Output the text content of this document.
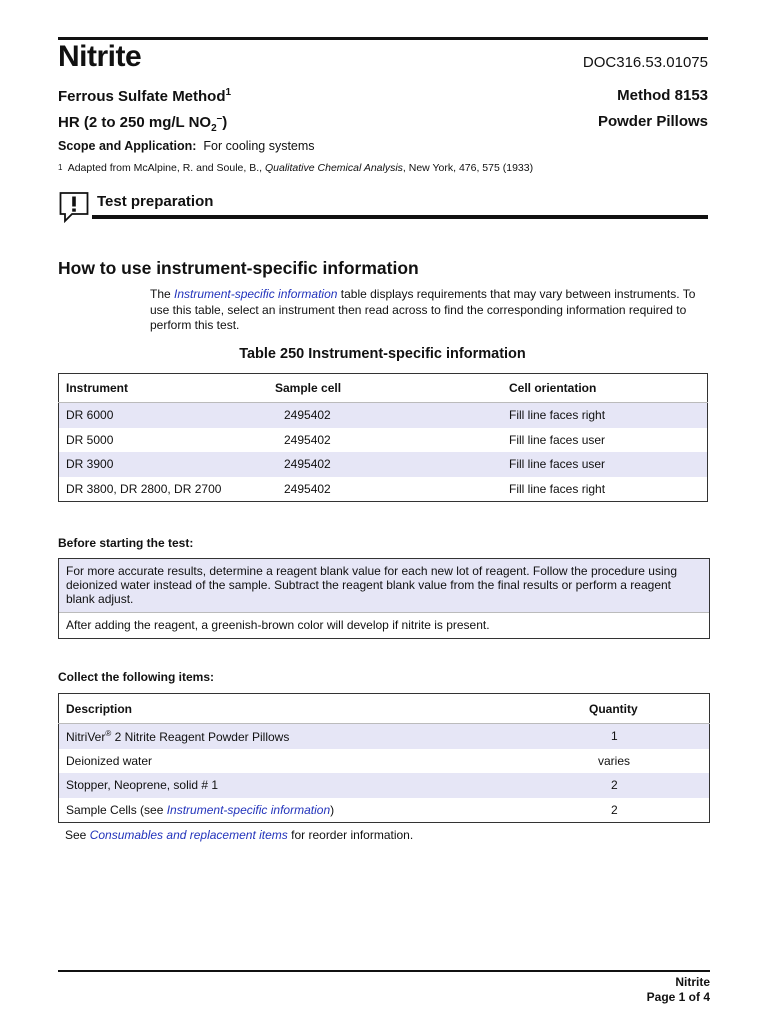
Nitrite	DOC316.53.01075
Ferrous Sulfate Method$^1$	Method 8153
HR (2 to 250 mg/L $NO_2^-$)	Powder Pillows
Scope and Application: For cooling systems
1 Adapted from McAlpine, R. and Soule, B., Qualitative Chemical Analysis, New York, 476, 575 (1933)
Test preparation
How to use instrument-specific information
The Instrument-specific information table displays requirements that may vary between instruments. To use this table, select an instrument then read across to find the corresponding information required to perform this test.
Table 250 Instrument-specific information
Instrument	Sample cell	Cell orientation
DR 6000	2495402	Fill line faces right
DR 5000	2495402	Fill line faces user
DR 3900	2495402	Fill line faces user
DR 3800, DR 2800, DR 2700	2495402	Fill line faces right
Before starting the test:
For more accurate results, determine a reagent blank value for each new lot of reagent. Follow the procedure using deionized water instead of the sample. Subtract the reagent blank value from the final results or perform a reagent blank adjust.
After adding the reagent, a greenish-brown color will develop if nitrite is present.
Collect the following items:
Description	Quantity
NitriVer® 2 Nitrite Reagent Powder Pillows	1
Deionized water	varies
Stopper, Neoprene, solid # 1	2
Sample Cells (see Instrument-specific information)	2
See Consumables and replacement items for reorder information.
Nitrite
Page 1 of 4
